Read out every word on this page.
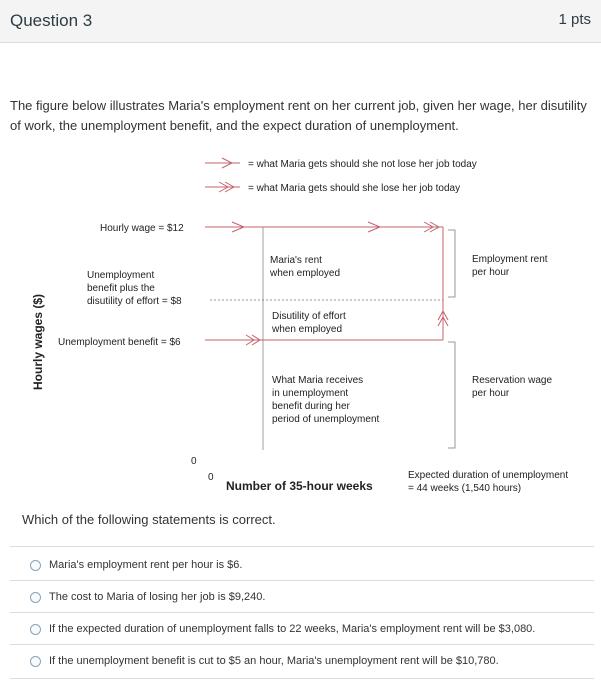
Question 3	1 pts
The figure below illustrates Maria's employment rent on her current job, given her wage, her disutility of work, the unemployment benefit, and the expect duration of unemployment.
= what Maria gets should she not lose her job today
= what Maria gets should she lose her job today
Hourly wages ($)
Hourly wage = $12
Unemployment
benefit plus the
disutility of effort = $8
Unemployment benefit = $6
Maria's rent
when employed
Disutility of effort
when employed
What Maria receives
in unemployment
benefit during her
period of unemployment
Employment rent
per hour
Reservation wage
per hour
0
0
Number of 35-hour weeks
Expected duration of unemployment
= 44 weeks (1,540 hours)
Which of the following statements is correct.
Maria's employment rent per hour is $6.
The cost to Maria of losing her job is $9,240.
If the expected duration of unemployment falls to 22 weeks, Maria's employment rent will be $3,080.
If the unemployment benefit is cut to $5 an hour, Maria's unemployment rent will be $10,780.
